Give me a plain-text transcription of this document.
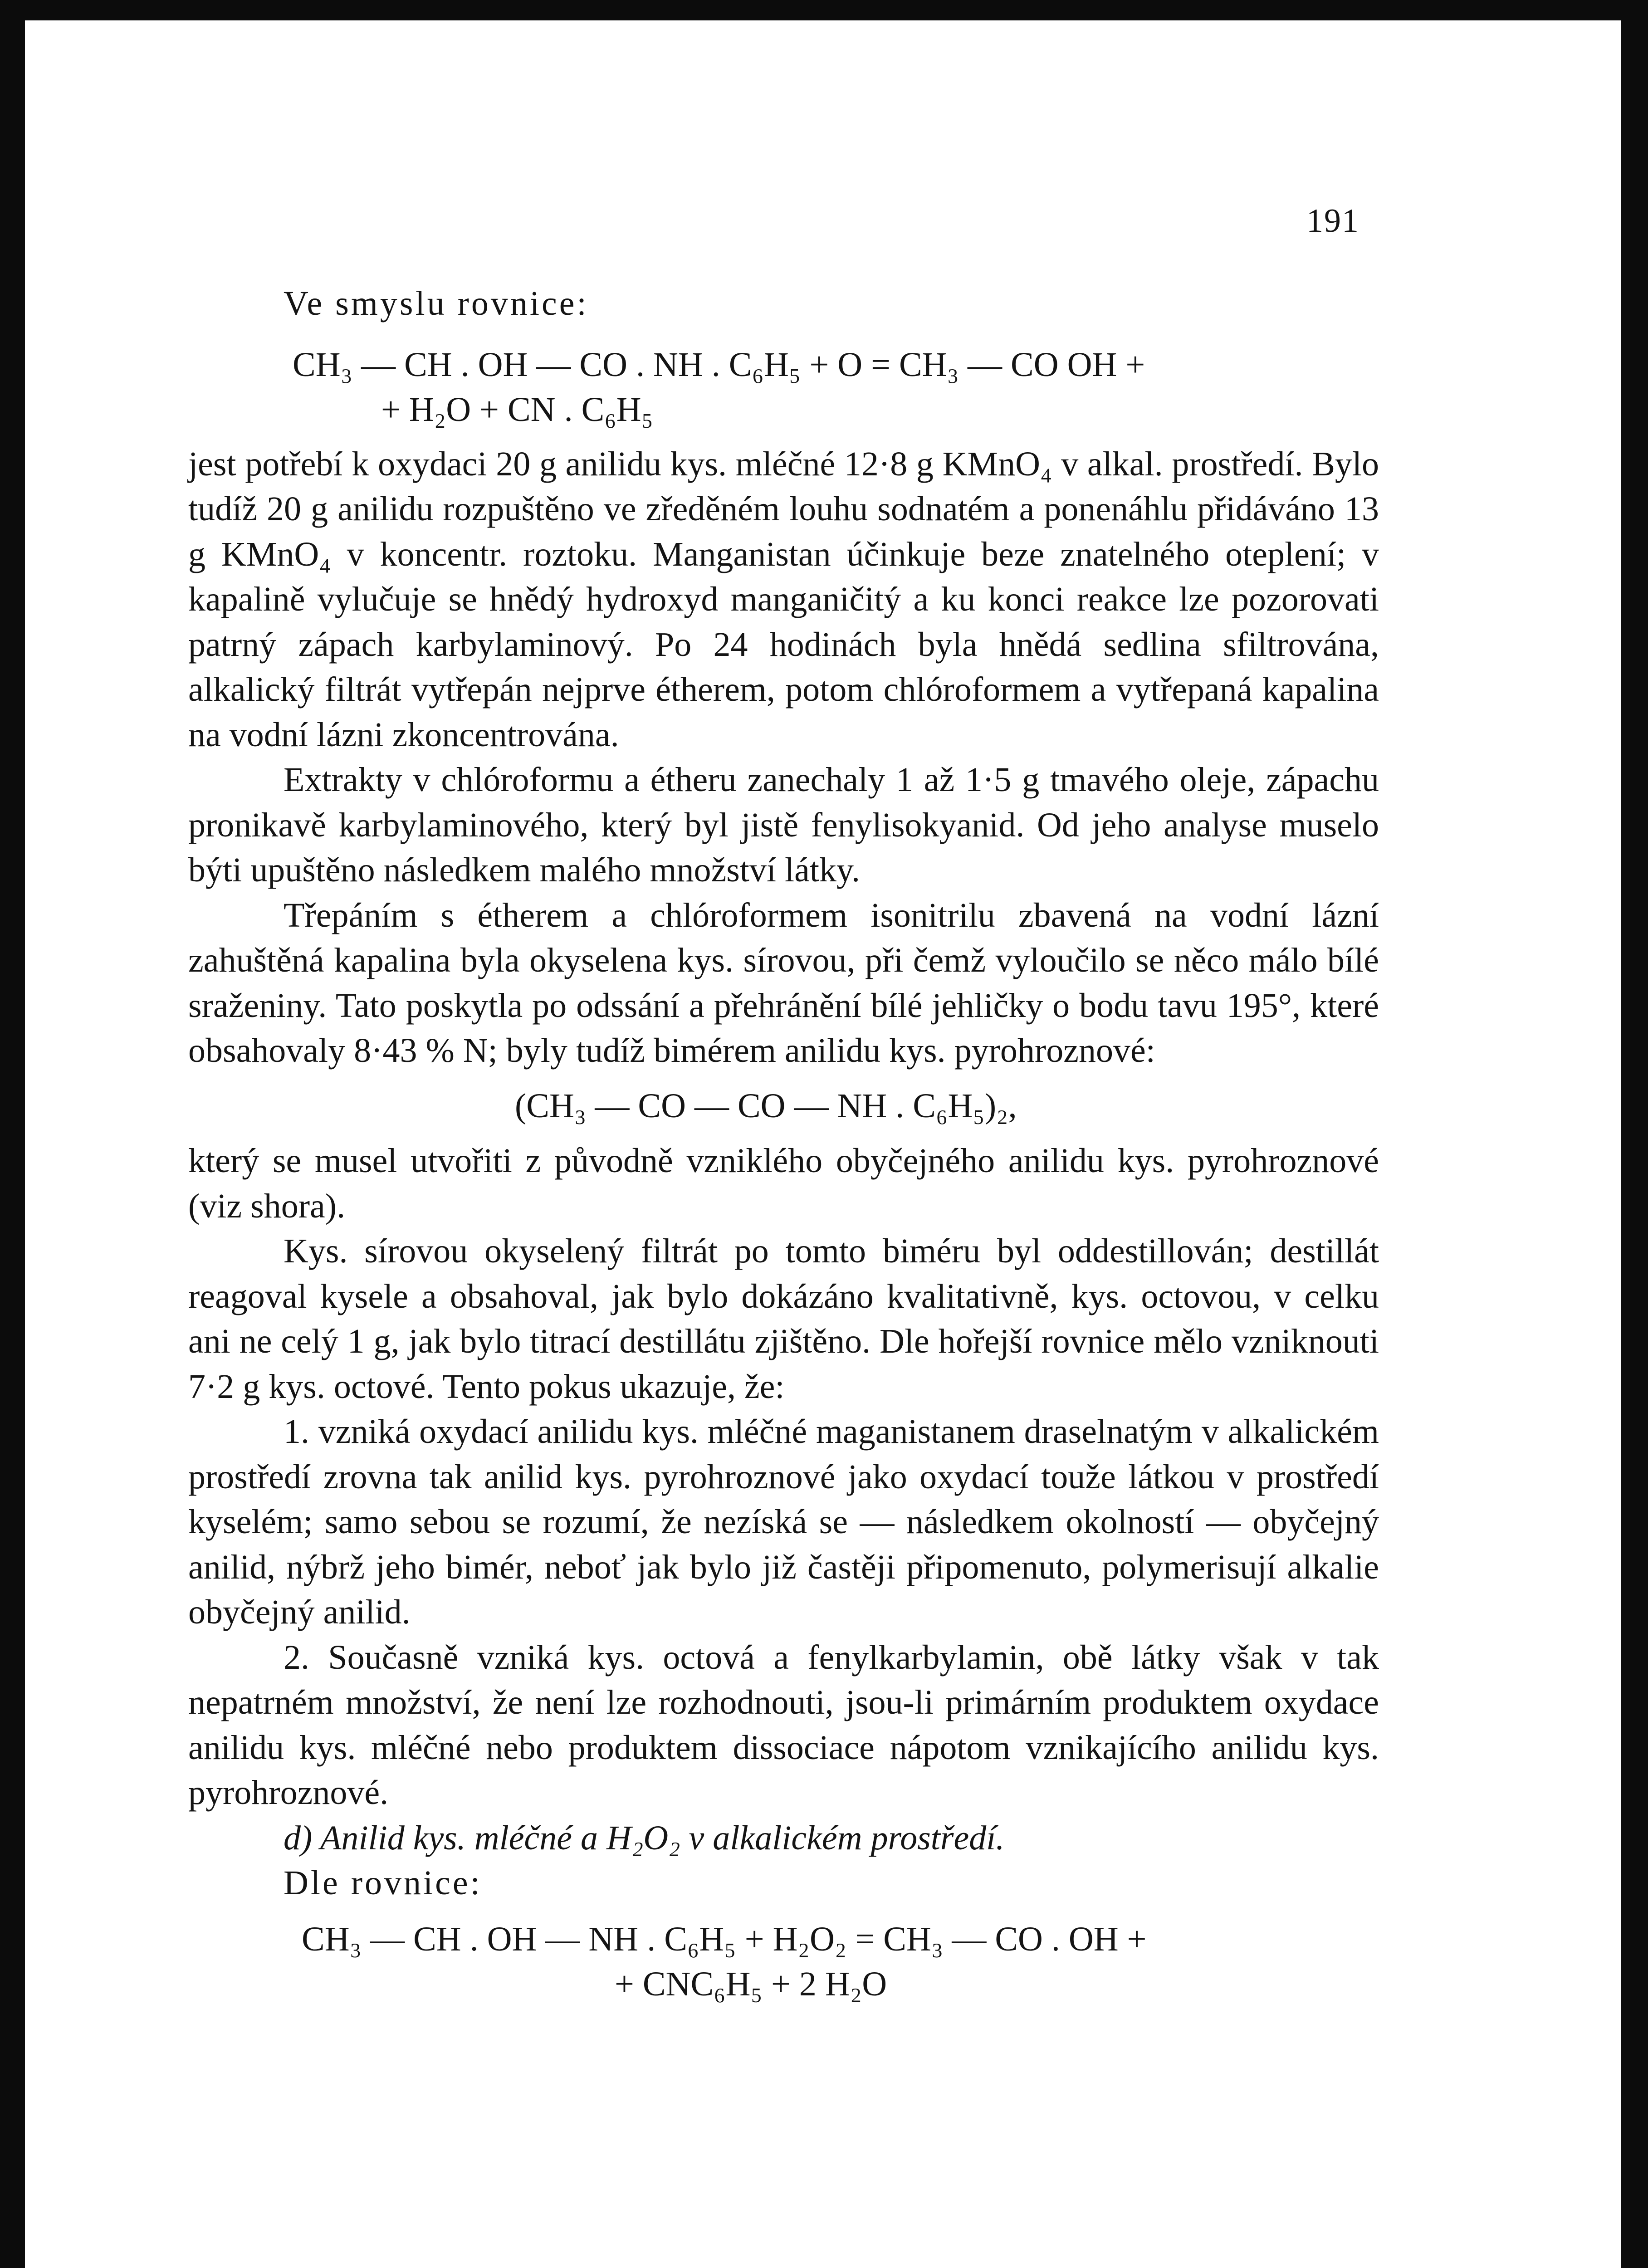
191

Ve smyslu rovnice:

CH₃ — CH . OH — CO . NH . C₆H₅ + O = CH₃ — CO OH +

+ H₂O + CN . C₆H₅

jest potřebí k oxydaci 20 g anilidu kys. mléčné 12·8 g KMnO₄ v alkal. prostředí. Bylo tudíž 20 g anilidu rozpuštěno ve zředěném louhu sodnatém a ponenáhlu přidáváno 13 g KMnO₄ v koncentr. roztoku. Manganistan účinkuje beze znatelného oteplení; v kapalině vylučuje se hnědý hydroxyd manganičitý a ku konci reakce lze pozorovati patrný zápach karbylaminový. Po 24 hodinách byla hnědá sedlina sfiltrována, alkalický filtrát vytřepán nejprve étherem, potom chlóroformem a vytřepaná kapalina na vodní lázni zkoncentrována.

Extrakty v chlóroformu a étheru zanechaly 1 až 1·5 g tmavého oleje, zápachu pronikavě karbylaminového, který byl jistě fenylisokyanid. Od jeho analyse muselo býti upuštěno následkem malého množství látky.

Třepáním s étherem a chlóroformem isonitrilu zbavená na vodní lázní zahuštěná kapalina byla okyselena kys. sírovou, při čemž vyloučilo se něco málo bílé sraženiny. Tato poskytla po odssání a přehránění bílé jehličky o bodu tavu 195°, které obsahovaly 8·43 % N; byly tudíž bimérem anilidu kys. pyrohroznové:

(CH₃ — CO — CO — NH . C₆H₅)₂,

který se musel utvořiti z původně vzniklého obyčejného anilidu kys. pyrohroznové (viz shora).

Kys. sírovou okyselený filtrát po tomto biméru byl oddestillován; destillát reagoval kysele a obsahoval, jak bylo dokázáno kvalitativně, kys. octovou, v celku ani ne celý 1 g, jak bylo titrací destillátu zjištěno. Dle hořejší rovnice mělo vzniknouti 7·2 g kys. octové. Tento pokus ukazuje, že:

1. vzniká oxydací anilidu kys. mléčné maganistanem draselnatým v alkalickém prostředí zrovna tak anilid kys. pyrohroznové jako oxydací touže látkou v prostředí kyselém; samo sebou se rozumí, že nezíská se — následkem okolností — obyčejný anilid, nýbrž jeho bimér, neboť jak bylo již častěji připomenuto, polymerisují alkalie obyčejný anilid.

2. Současně vzniká kys. octová a fenylkarbylamin, obě látky však v tak nepatrném množství, že není lze rozhodnouti, jsou-li primárním produktem oxydace anilidu kys. mléčné nebo produktem dissociace nápotom vznikajícího anilidu kys. pyrohroznové.

d) Anilid kys. mléčné a H₂O₂ v alkalickém prostředí.

Dle rovnice:

CH₃ — CH . OH — NH . C₆H₅ + H₂O₂ = CH₃ — CO . OH +

+ CNC₆H₅ + 2 H₂O
